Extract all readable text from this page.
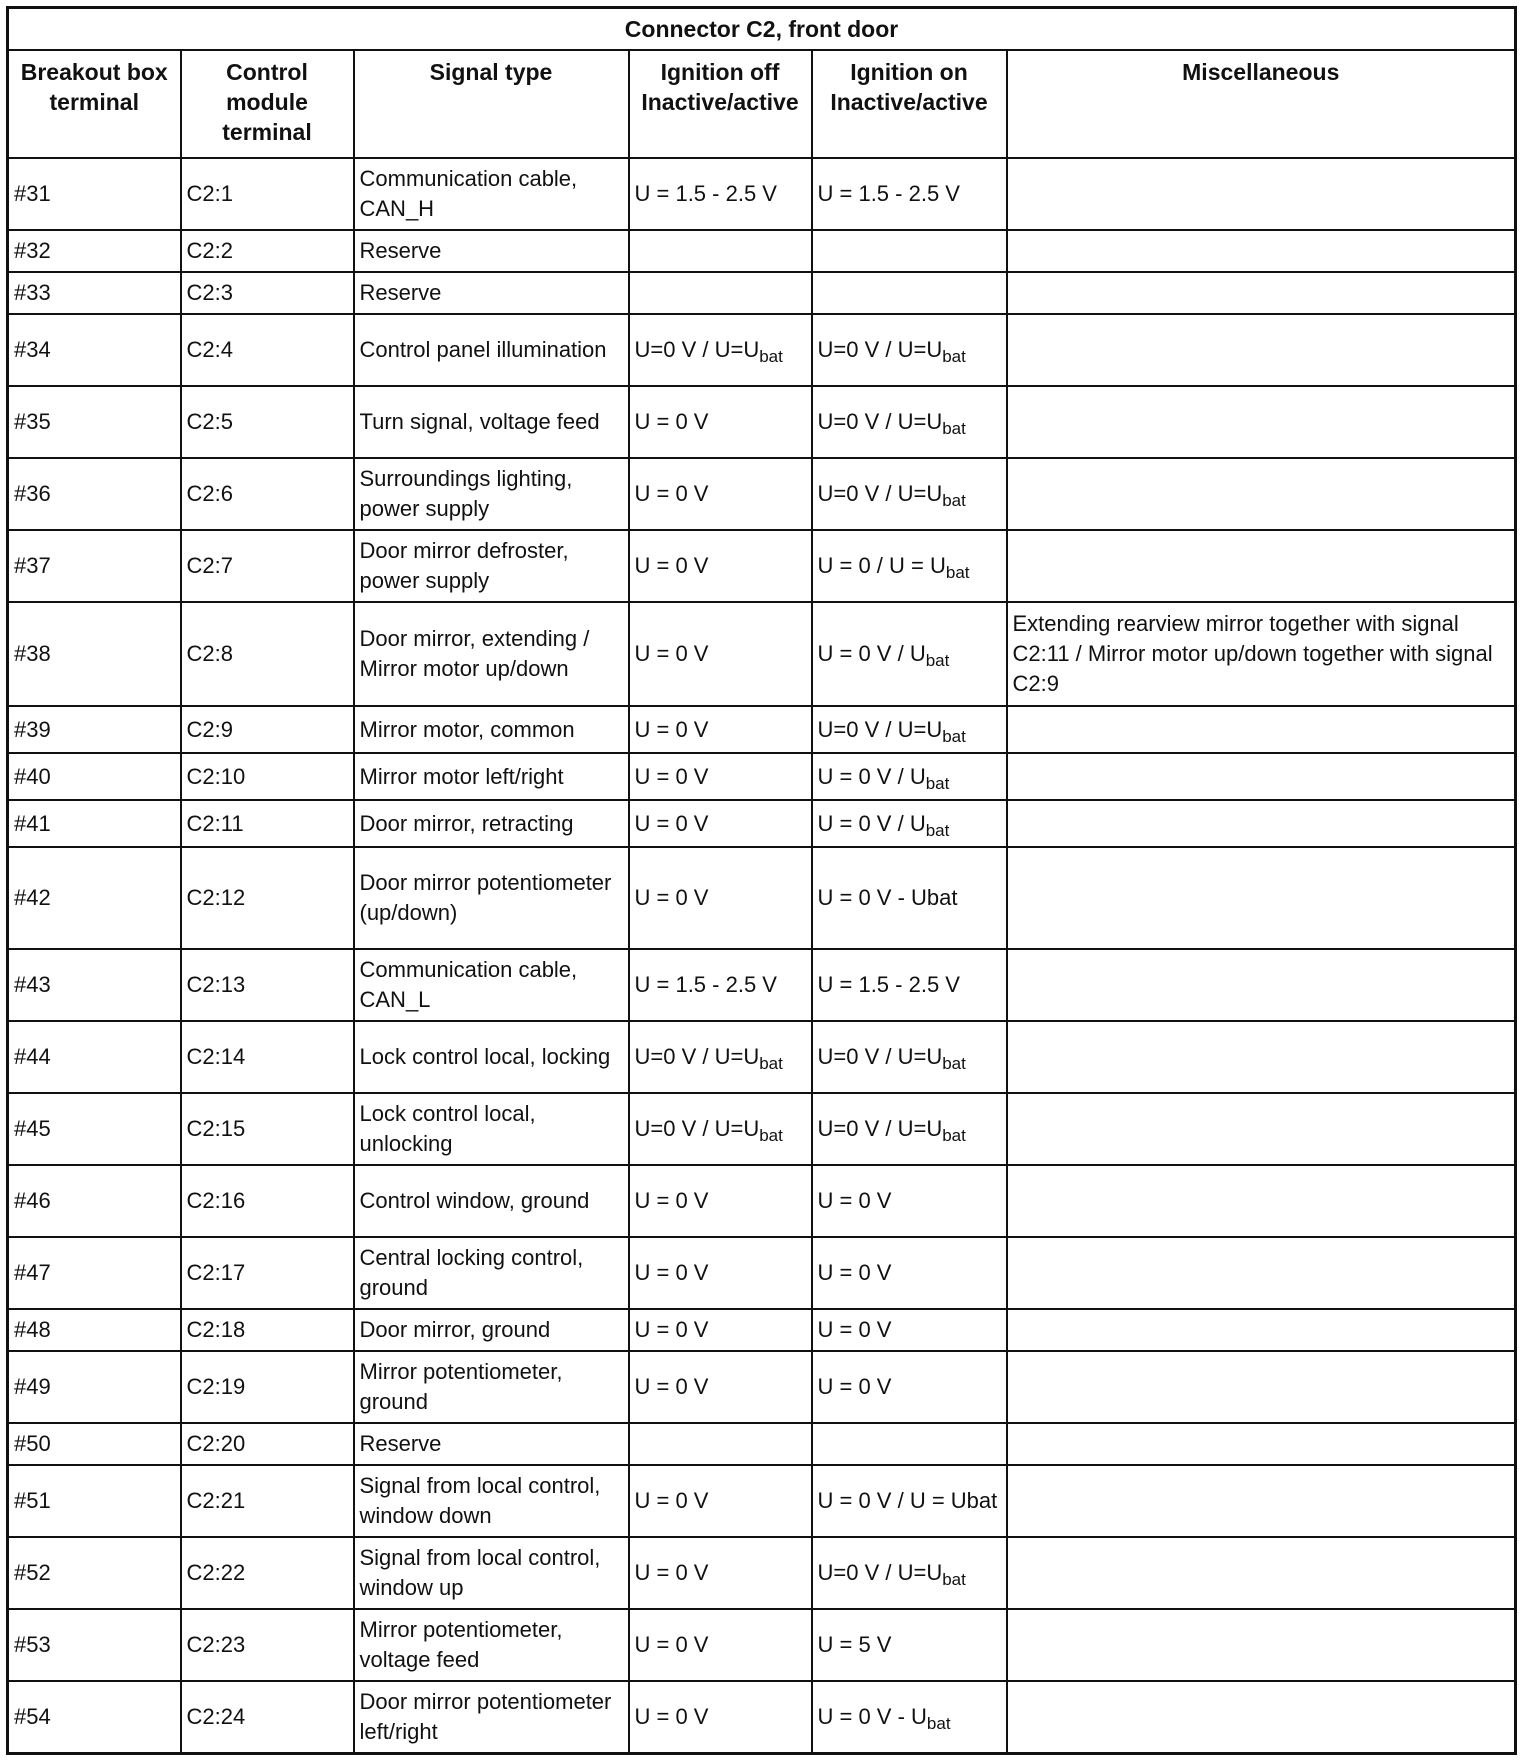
Connector C2, front door					
Breakout box terminal	Control module terminal	Signal type	Ignition off Inactive/active	Ignition on Inactive/active	Miscellaneous
#31	C2:1	Communication cable, CAN_H	U = 1.5 - 2.5 V	U = 1.5 - 2.5 V	
#32	C2:2	Reserve			
#33	C2:3	Reserve			
#34	C2:4	Control panel illumination	U=0 $V / U=U_{bat}$	U=0 $V / U=U_{bat}$	
#35	C2:5	Turn signal, voltage feed	U = 0 V	U=0 $V / U=U_{bat}$	
#36	C2:6	Surroundings lighting, power supply	U = 0 V	U=0 $V / U=U_{bat}$	
#37	C2:7	Door mirror defroster, power supply	U = 0 V	$U = 0 / U = U_{bat}$	
#38	C2:8	Door mirror, extending / Mirror motor up/down	U = 0 V	U = 0 V / $U_{bat}$	Extending rearview mirror together with signal C2:11 / Mirror motor up/down together with signal C2:9
#39	C2:9	Mirror motor, common	U = 0 V	U=0 $V / U=U_{bat}$	
#40	C2:10	Mirror motor left/right	U = 0 V	U = 0 V / $U_{bat}$	
#41	C2:11	Door mirror, retracting	U = 0 V	U = 0 V / $U_{bat}$	
#42	C2:12	Door mirror potentiometer (up/down)	U = 0 V	U = 0 V - Ubat	
#43	C2:13	Communication cable, CAN_L	U = 1.5 - 2.5 V	U = 1.5 - 2.5 V	
#44	C2:14	Lock control local, locking	U=0 $V / U=U_{bat}$	U=0 $V / U=U_{bat}$	
#45	C2:15	Lock control local, unlocking	U=0 $V / U=U_{bat}$	U=0 $V / U=U_{bat}$	
#46	C2:16	Control window, ground	U = 0 V	U = 0 V	
#47	C2:17	Central locking control, ground	U = 0 V	U = 0 V	
#48	C2:18	Door mirror, ground	U = 0 V	U = 0 V	
#49	C2:19	Mirror potentiometer, ground	U = 0 V	U = 0 V	
#50	C2:20	Reserve			
#51	C2:21	Signal from local control, window down	U = 0 V	U = 0 V / U = Ubat	
#52	C2:22	Signal from local control, window up	U = 0 V	U=0 $V / U=U_{bat}$	
#53	C2:23	Mirror potentiometer, voltage feed	U = 0 V	U = 5 V	
#54	C2:24	Door mirror potentiometer left/right	U = 0 V	U = 0 V - $U_{bat}$	
